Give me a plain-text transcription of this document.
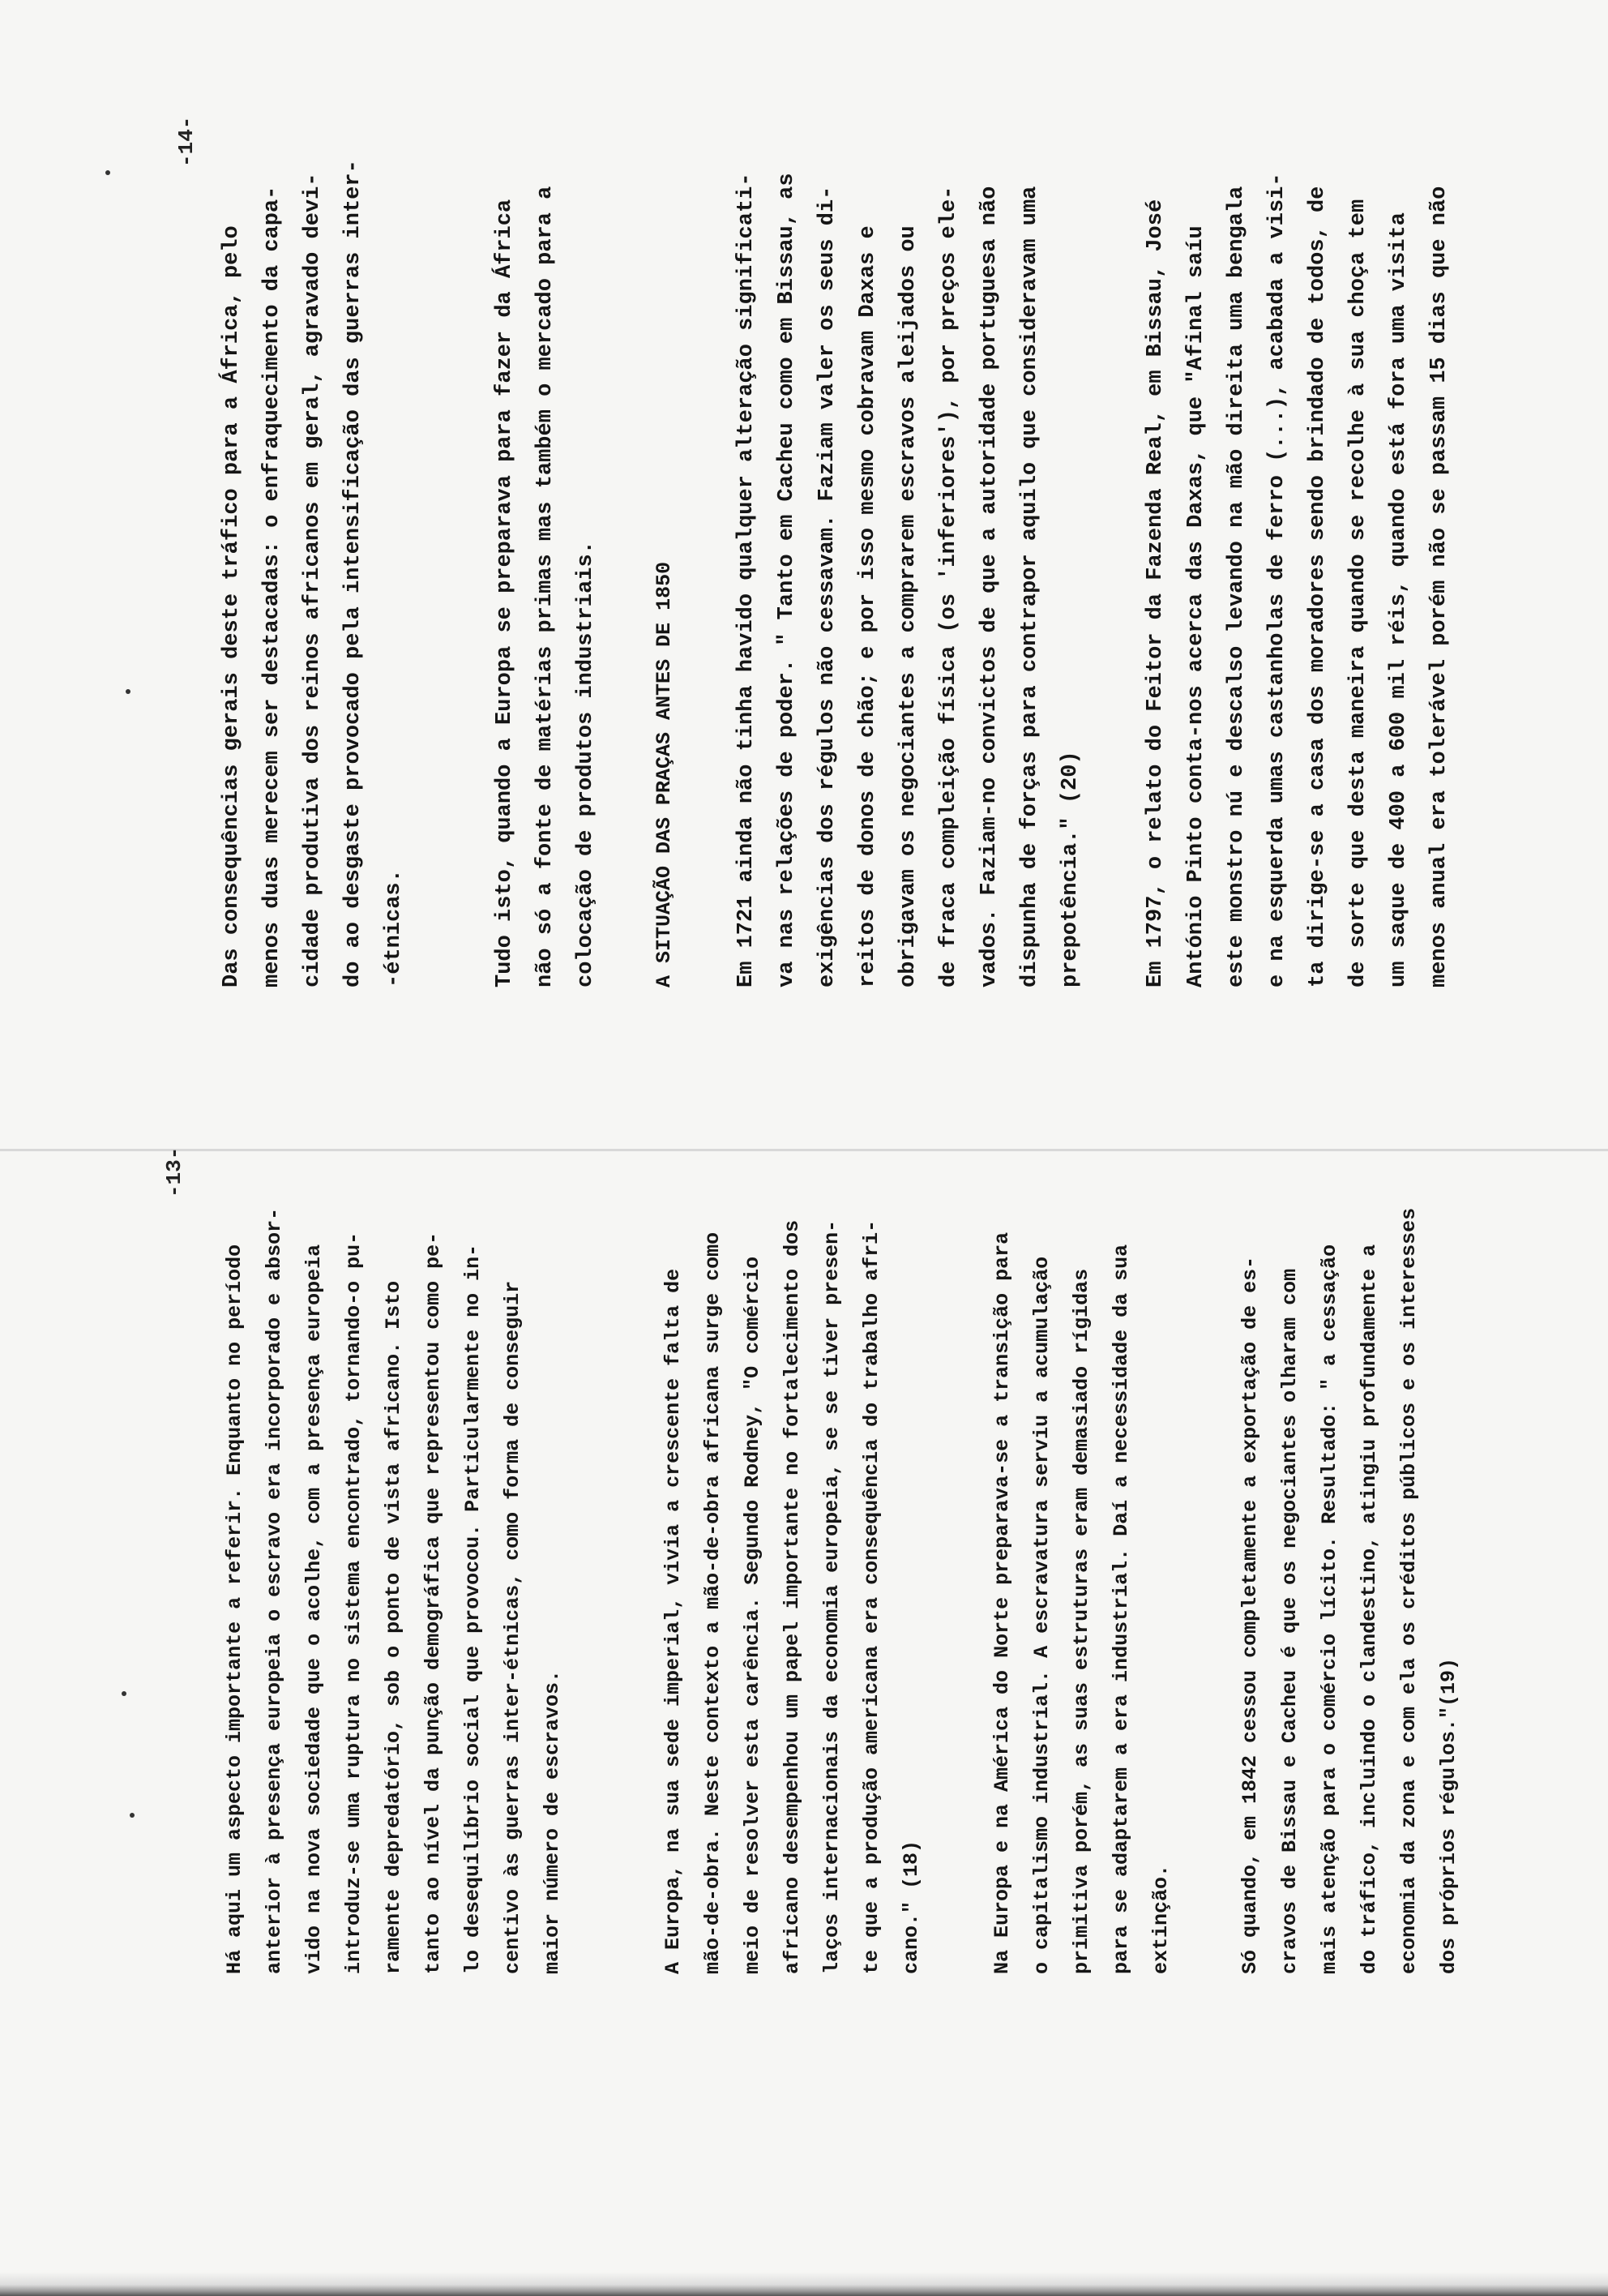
-13-
Há aqui um aspecto importante a referir. Enquanto no período anterior à presença europeia o escravo era incorporado e absor- vido na nova sociedade que o acolhe, com a presença europeia introduz-se uma ruptura no sistema encontrado, tornando-o pu- ramente depredatório, sob o ponto de vista africano. Isto tanto ao nível da punção demográfica que representou como pe- lo desequilíbrio social que provocou. Particularmente no in- centivo às guerras inter-étnicas, como forma de conseguir maior número de escravos.	A Europa, na sua sede imperial, vivia a crescente falta de mão-de-obra. Neste contexto a mão-de-obra africana surge como meio de resolver esta carência. Segundo Rodney, "O comércio africano desempenhou um papel importante no fortalecimento dos laços internacionais da economia europeia, se se tiver presen- te que a produção americana era consequência do trabalho afri- cano." (18)	Na Europa e na América do Norte preparava-se a transição para o capitalismo industrial. A escravatura serviu a acumulação primitiva porém, as suas estruturas eram demasiado rígidas para se adaptarem a era industrial. Daí a necessidade da sua extinção.	Só quando, em 1842 cessou completamente a exportação de es- cravos de Bissau e Cacheu é que os negociantes olharam com mais atenção para o comércio lícito. Resultado: " a cessação do tráfico, incluindo o clandestino, atingiu profundamente a economia da zona e com ela os créditos públicos e os interesses dos próprios régulos."(19)
-14-
Das consequências gerais deste tráfico para a África, pelo menos duas merecem ser destacadas: o enfraquecimento da capa- cidade produtiva dos reinos africanos em geral, agravado devi- do ao desgaste provocado pela intensificação das guerras inter- -étnicas.	Tudo isto, quando a Europa se preparava para fazer da África não só a fonte de matérias primas mas também o mercado para a colocação de produtos industriais.	A SITUAÇÃO DAS PRAÇAS ANTES DE 1850	Em 1721 ainda não tinha havido qualquer alteração significati- va nas relações de poder. " Tanto em Cacheu como em Bissau, as exigências dos régulos não cessavam. Faziam valer os seus di- reitos de donos de chão; e por isso mesmo cobravam Daxas e obrigavam os negociantes a comprarem escravos aleijados ou de fraca compleição física (os 'inferiores'), por preços ele- vados. Faziam-no convictos de que a autoridade portuguesa não dispunha de forças para contrapor aquilo que consideravam uma prepotência." (20)	Em 1797, o relato do Feitor da Fazenda Real, em Bissau, José António Pinto conta-nos acerca das Daxas, que "Afinal saíu este monstro nú e descalso levando na mão direita uma bengala e na esquerda umas castanholas de ferro (...), acabada a visi- ta dirige-se a casa dos moradores sendo brindado de todos, de de sorte que desta maneira quando se recolhe à sua choça tem um saque de 400 a 600 mil réis, quando está fora uma visita menos anual era tolerável porém não se passam 15 dias que não
